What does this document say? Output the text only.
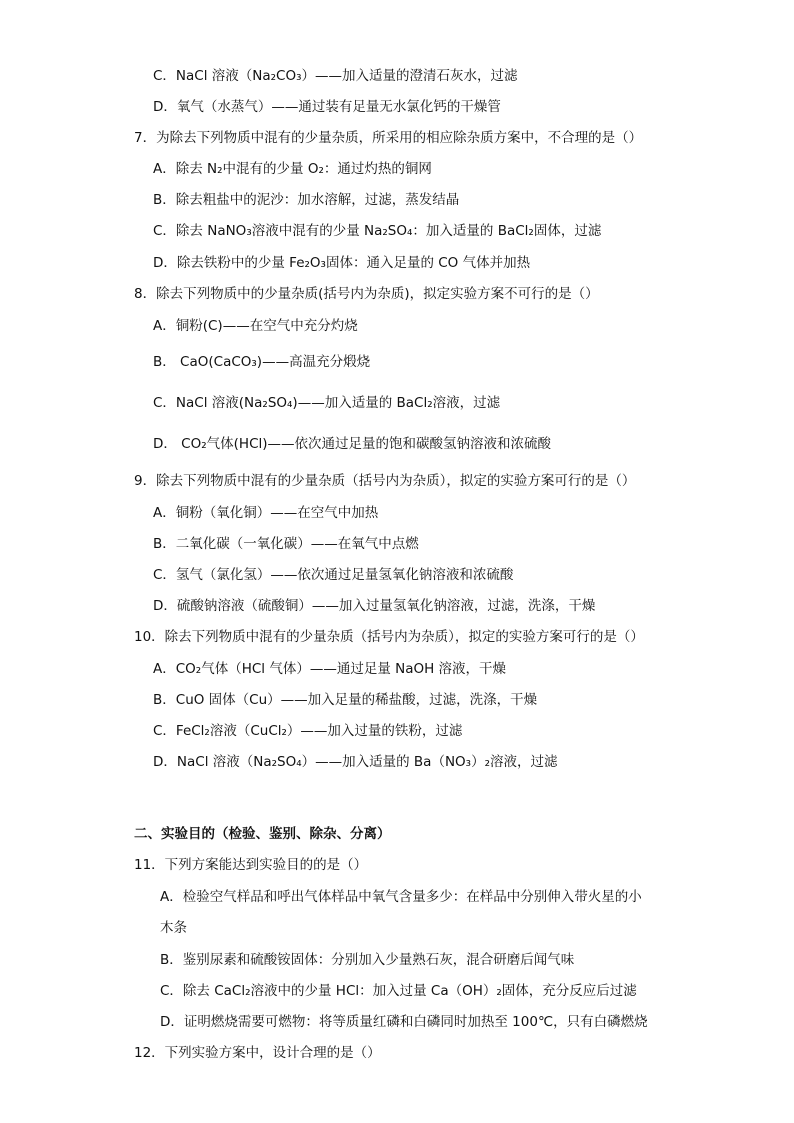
C．NaCl 溶液（Na₂CO₃）——加入适量的澄清石灰水，过滤
D．氧气（水蒸气）——通过装有足量无水氯化钙的干燥管
7．为除去下列物质中混有的少量杂质，所采用的相应除杂质方案中，不合理的是（）
A．除去 N₂中混有的少量 O₂：通过灼热的铜网
B．除去粗盐中的泥沙：加水溶解，过滤，蒸发结晶
C．除去 NaNO₃溶液中混有的少量 Na₂SO₄：加入适量的 BaCl₂固体，过滤
D．除去铁粉中的少量 Fe₂O₃固体：通入足量的 CO 气体并加热
8．除去下列物质中的少量杂质(括号内为杂质)，拟定实验方案不可行的是（）
A．铜粉(C)——在空气中充分灼烧
B． CaO(CaCO₃)——高温充分煅烧
C．NaCl 溶液(Na₂SO₄)——加入适量的 BaCl₂溶液，过滤
D． CO₂气体(HCl)——依次通过足量的饱和碳酸氢钠溶液和浓硫酸
9．除去下列物质中混有的少量杂质（括号内为杂质），拟定的实验方案可行的是（）
A．铜粉（氧化铜）——在空气中加热
B．二氧化碳（一氧化碳）——在氧气中点燃
C．氢气（氯化氢）——依次通过足量氢氧化钠溶液和浓硫酸
D．硫酸钠溶液（硫酸铜）——加入过量氢氧化钠溶液，过滤，洗涤，干燥
10．除去下列物质中混有的少量杂质（括号内为杂质），拟定的实验方案可行的是（）
A．CO₂气体（HCl 气体）——通过足量 NaOH 溶液，干燥
B．CuO 固体（Cu）——加入足量的稀盐酸，过滤，洗涤，干燥
C．FeCl₂溶液（CuCl₂）——加入过量的铁粉，过滤
D．NaCl 溶液（Na₂SO₄）——加入适量的 Ba（NO₃）₂溶液，过滤
二、实验目的（检验、鉴别、除杂、分离）
11．下列方案能达到实验目的的是（）
A．检验空气样品和呼出气体样品中氧气含量多少：在样品中分别伸入带火星的小
木条
B．鉴别尿素和硫酸铵固体：分别加入少量熟石灰，混合研磨后闻气味
C．除去 CaCl₂溶液中的少量 HCl：加入过量 Ca（OH）₂固体，充分反应后过滤
D．证明燃烧需要可燃物：将等质量红磷和白磷同时加热至 100℃，只有白磷燃烧
12．下列实验方案中，设计合理的是（）
